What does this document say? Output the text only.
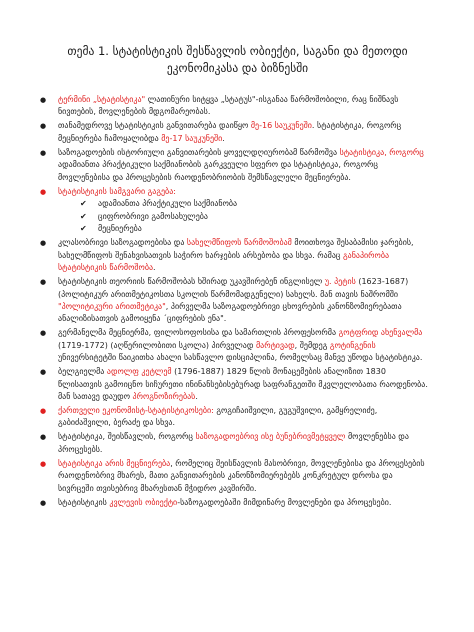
თემა 1. სტატისტიკის შესწავლის ობიექტი, საგანი და მეთოდი ეკონომიკასა და ბიზნესში
● ტერმინი „სტატისტიკა" ლათინური სიტყვა „სტატუს"-ისგანაა წარმოშობილი, რაც ნიშნავს ნივთების, მოვლენების მდგომარეობას.
● თანამედროვე სტატისტიკის განვითარება დაიწყო მე-16 საუკუნეში. სტატისტიკა, როგორც მეცნიერება ჩამოყალიბდა მე-17 საუკუნეში.
● საზოგადოების ისტორიული განვითარების ყოველდღიურობამ წარმოშვა სტატისტიკა, როგორც ადამიანთა პრაქტიკული საქმიანობის გარკვეული სფერო და სტატისტიკა, როგორც მოვლენებისა და პროცესების რაოდენობრიობის შემსწავლელი მეცნიერება.
● სტატისტიკის სამგვარი გაგება:
✔ ადამიანთა პრაქტიკული საქმიანობა
✔ ციფრობრივი გამოსახულება
✔ მეცნიერება
● კლასობრივი საზოგადოებისა და სახელმწიფოს წარმოშობამ მოითხოვა შესაბამისი ჯარების, სახელმწიფოს შენახვისათვის საჭირო ხარჯების არსებობა და სხვა. რამაც განაპირობა სტატისტიკის წარმოშობა.
● სტატისტიკის თეორიის წარმოშობას ხშირად უკავშირებენ ინგლისელ უ. პეტის (1623-1687)(პოლიტიკურ არითმეტიკოსთა სკოლის წარმომადგენელი) სახელს. მან თავის ნაშრომში "პოლიტიკური არითმეტიკა", პირველმა საზოგადოებრივი ცხოვრების კანონზომიერებათა ანალიზისათვის გამოიყენა ´ციფრების ენა".
● გერმანელმა მეცნიერმა, ფილოსოფოსისა და სამართლის პროფესორმა გოტფრიდ ახენვალმა (1719-1772) (აღწერილობითი სკოლა) პირველად მარტივად, შემდეგ გოტინგენის უნივერსიტეტში წაიკითხა ახალი სასწავლო დისციპლინა, რომელსაც მანვე უწოდა სტატისტიკა.
● ბელგიელმა ადოლფ კეტლემ (1796-1887) 1829 წლის მონაცემების ანალიზით 1830 წლისათვის გამოიცნო სიჩურეთი ინინანსებისებურად საფრანგეთში მკვლელობათა რაოდენობა. მან სათავე დაუდო პროგნოზირებას.
● ქართველი ეკონომისტ-სტატისტიკოსები: გოგიჩაიშვილი, გუგუშვილი, გამყრელიძე, გაბიძაშვილი, ბერაძე და სხვა.
● სტატისტიკა, შეისწავლის, როგორც საზოგადოებრივ ისე ბუნებრივმეტყველ მოვლენებსა და პროცესებს.
● სტატისტიკა არის მეცნიერება, რომელიც შეისწავლის მასობრივი, მოვლენებისა და პროცესების რაოდენობრივ მხარეს, მათი განვითარების კანონზომიერებებს კონკრეტულ დროსა და სივრცეში თვისებრივ მხარესთან მჭიდრო კავშირში.
● სტატისტიკის კვლევის ობიექტი-საზოგადოებაში მიმდინარე მოვლენები და პროცესები.
